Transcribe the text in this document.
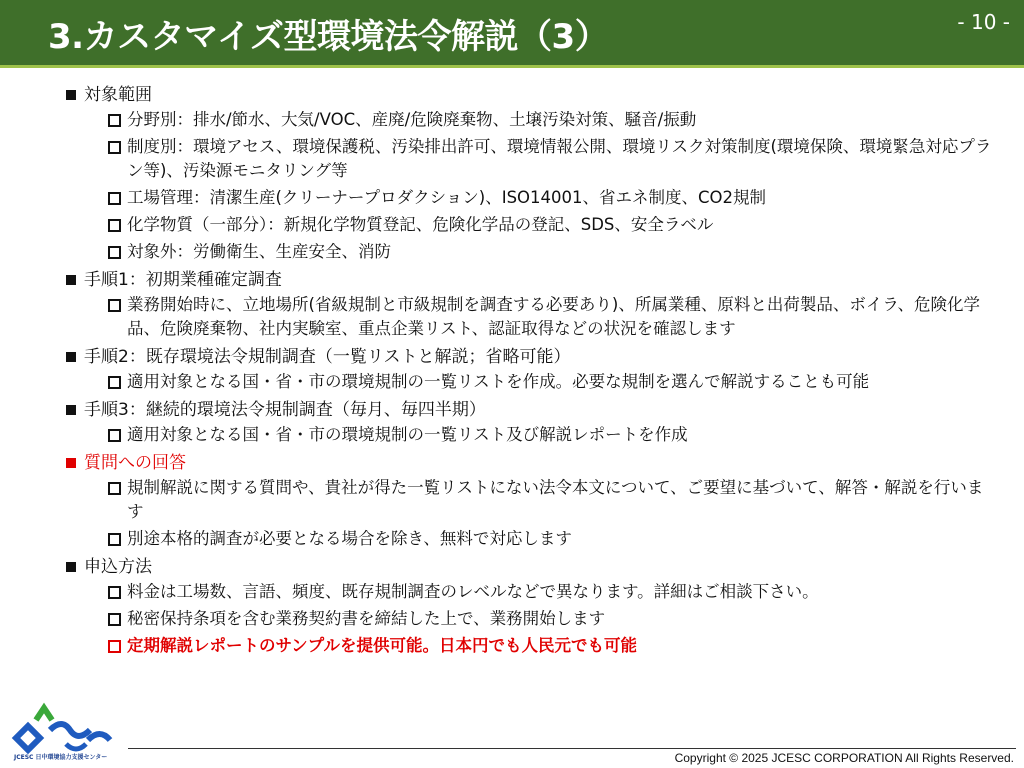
3.カスタマイズ型環境法令解説（3）	- 10 -
対象範囲
分野別：排水/節水、大気/VOC、産廃/危険廃棄物、土壌汚染対策、騒音/振動
制度別：環境アセス、環境保護税、汚染排出許可、環境情報公開、環境リスク対策制度(環境保険、環境緊急対応プラン等)、汚染源モニタリング等
工場管理：清潔生産(クリーナープロダクション)、ISO14001、省エネ制度、CO2規制
化学物質（一部分）：新規化学物質登記、危険化学品の登記、SDS、安全ラベル
対象外：労働衛生、生産安全、消防
手順1：初期業種確定調査
業務開始時に、立地場所(省級規制と市級規制を調査する必要あり)、所属業種、原料と出荷製品、ボイラ、危険化学品、危険廃棄物、社内実験室、重点企業リスト、認証取得などの状況を確認します
手順2：既存環境法令規制調査（一覧リストと解説；省略可能）
適用対象となる国・省・市の環境規制の一覧リストを作成。必要な規制を選んで解説することも可能
手順3：継続的環境法令規制調査（毎月、毎四半期）
適用対象となる国・省・市の環境規制の一覧リスト及び解説レポートを作成
質問への回答
規制解説に関する質問や、貴社が得た一覧リストにない法令本文について、ご要望に基づいて、解答・解説を行います
別途本格的調査が必要となる場合を除き、無料で対応します
申込方法
料金は工場数、言語、頻度、既存規制調査のレベルなどで異なります。詳細はご相談下さい。
秘密保持条項を含む業務契約書を締結した上で、業務開始します
定期解説レポートのサンプルを提供可能。日本円でも人民元でも可能
JCESC 日中環境協力支援センター	Copyright © 2025 JCESC CORPORATION All Rights Reserved.
